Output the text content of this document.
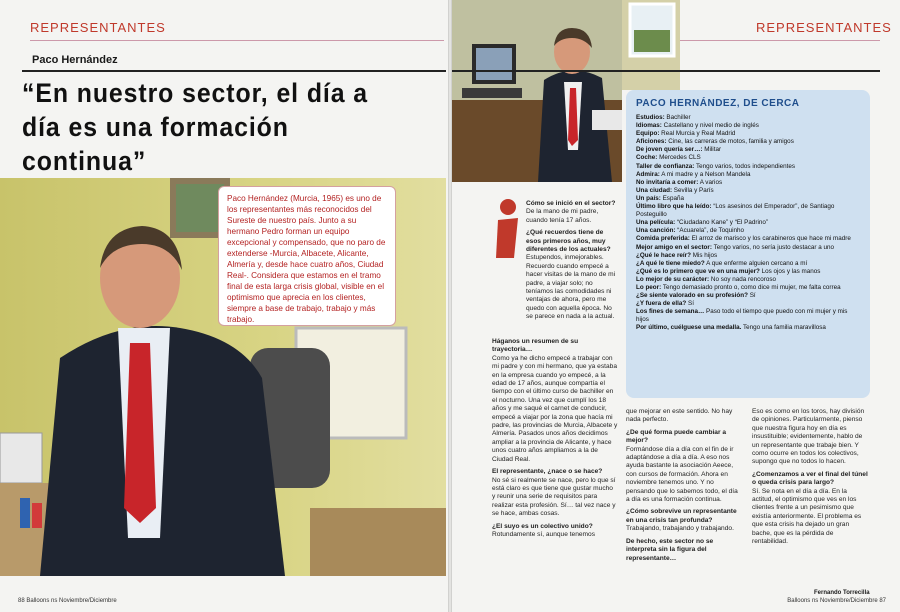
REPRESENTANTES
Paco Hernández
“En nuestro sector, el día a día es una formación continua”
Paco Hernández (Murcia, 1965) es uno de los representantes más reconocidos del Sureste de nuestro país. Junto a su hermano Pedro forman un equipo excepcional y compensado, que no paro de extenderse -Murcia, Albacete, Alicante, Almería y, desde hace cuatro años, Ciudad Real-. Considera que estamos en el tramo final de esta larga crisis global, visible en el optimismo que aprecia en los clientes, siempre a base de trabajo, trabajo y más trabajo.
88 Balloons ns Noviembre/Diciembre
REPRESENTANTES
PACO HERNÁNDEZ, DE CERCA
Estudios: Bachiller
Idiomas: Castellano y nivel medio de inglés
Equipo: Real Murcia y Real Madrid
Aficiones: Cine, las carreras de motos, familia y amigos
De joven quería ser…: Militar
Coche: Mercedes CLS
Taller de confianza: Tengo varios, todos independientes
Admira: A mi madre y a Nelson Mandela
No invitaría a comer: A varios
Una ciudad: Sevilla y París
Un país: España
Último libro que ha leído: “Los asesinos del Emperador”, de Santiago Posteguillo
Una película: “Ciudadano Kane” y “El Padrino”
Una canción: “Acuarela”, de Toquinho
Comida preferida: El arroz de marisco y los carabineros que hace mi madre
Mejor amigo en el sector: Tengo varios, no sería justo destacar a uno
¿Qué le hace reír? Mis hijos
¿A qué le tiene miedo? A que enferme alguien cercano a mí
¿Qué es lo primero que ve en una mujer? Los ojos y las manos
Lo mejor de su carácter: No soy nada rencoroso
Lo peor: Tengo demasiado pronto o, como dice mi mujer, me falta correa
¿Se siente valorado en su profesión? Sí
¿Y fuera de ella? Sí
Los fines de semana… Paso todo el tiempo que puedo con mi mujer y mis hijos
Por último, cuélguese una medalla. Tengo una familia maravillosa

Cómo se inició en el sector?

De la mano de mi padre, cuando tenía 17 años.

¿Qué recuerdos tiene de esos primeros años, muy diferentes de los actuales?

Estupendos, inmejorables. Recuerdo cuando empecé a hacer visitas de la mano de mi padre, a viajar solo; no teníamos las comodidades ni ventajas de ahora, pero me quedo con aquella época. No se parece en nada a la actual.

Háganos un resumen de su trayectoria…

Como ya he dicho empecé a trabajar con mi padre y con mi hermano, que ya estaba en la empresa cuando yo empecé, a la edad de 17 años, aunque compartía el tiempo con el último curso de bachiller en el nocturno. Una vez que cumplí los 18 años y me saqué el carnet de conducir, empecé a viajar por la zona que hacía mi padre, las provincias de Murcia, Albacete y Almería. Pasados unos años decidimos ampliar a la provincia de Alicante, y hace unos cuatro años ampliamos a la de Ciudad Real.

El representante, ¿nace o se hace?

No sé si realmente se nace, pero lo que sí está claro es que tiene que gustar mucho y reunir una serie de requisitos para realizar esta profesión. Sí… tal vez nace y se hace, ambas cosas.

¿El suyo es un colectivo unido?

Rotundamente sí, aunque tenemos

que mejorar en este sentido. No hay nada perfecto.

¿De qué forma puede cambiar a mejor?

Formándose día a día con el fin de ir adaptándose a día a día. A eso nos ayuda bastante la asociación Aeece, con cursos de formación. Ahora en noviembre tenemos uno. Y no pensando que lo sabemos todo, el día a día es una formación continua.

¿Cómo sobrevive un representante en una crisis tan profunda?

Trabajando, trabajando y trabajando.

De hecho, este sector no se interpreta sin la figura del representante…

Eso es como en los toros, hay división de opiniones. Particularmente, pienso que nuestra figura hoy en día es insustituible; evidentemente, hablo de un representante que trabaje bien. Y como ocurre en todos los colectivos, supongo que no todos lo hacen.

¿Comenzamos a ver el final del túnel o queda crisis para largo?

Sí. Se nota en el día a día. En la actitud, el optimismo que ves en los clientes frente a un pesimismo que existía anteriormente. El problema es que esta crisis ha dejado un gran bache, que es la pérdida de rentabilidad.

Fernando Torrecilla
Balloons ns Noviembre/Diciembre 87
